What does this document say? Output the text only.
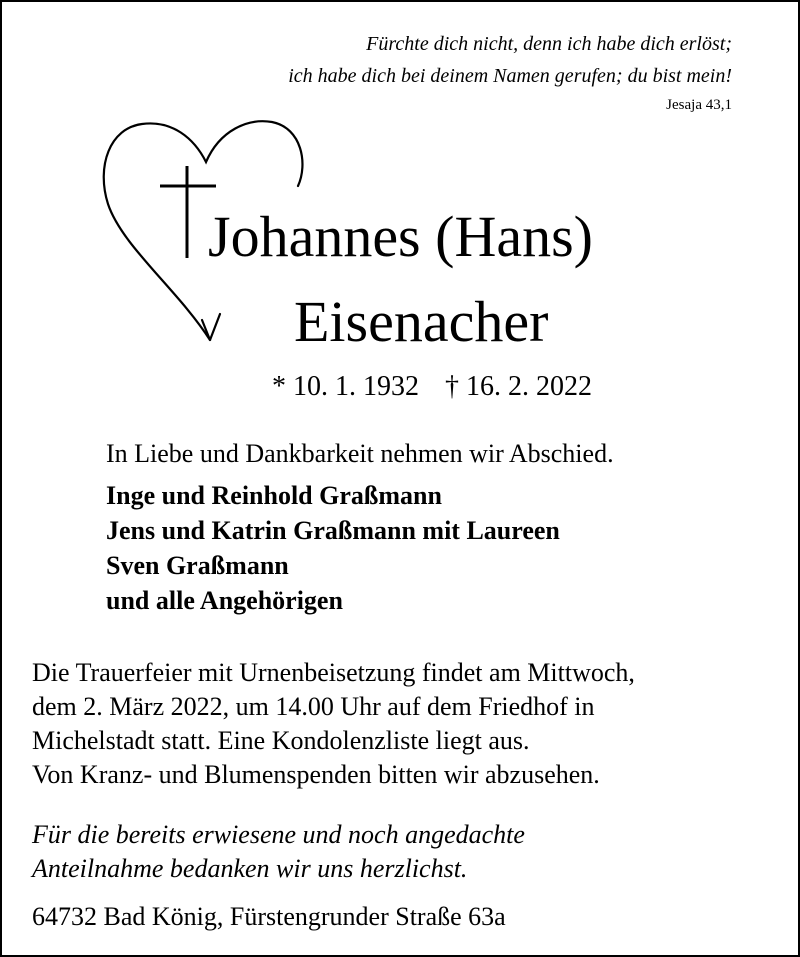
Fürchte dich nicht, denn ich habe dich erlöst;

ich habe dich bei deinem Namen gerufen; du bist mein!

Jesaja 43,1

Johannes (Hans)

Eisenacher

* 10. 1. 1932 † 16. 2. 2022

In Liebe und Dankbarkeit nehmen wir Abschied.

Inge und Reinhold Graßmann
Jens und Katrin Graßmann mit Laureen
Sven Graßmann
und alle Angehörigen
Die Trauerfeier mit Urnenbeisetzung findet am Mittwoch,
dem 2. März 2022, um 14.00 Uhr auf dem Friedhof in
Michelstadt statt. Eine Kondolenzliste liegt aus.
Von Kranz- und Blumenspenden bitten wir abzusehen.
Für die bereits erwiesene und noch angedachte
Anteilnahme bedanken wir uns herzlichst.

64732 Bad König, Fürstengrunder Straße 63a
